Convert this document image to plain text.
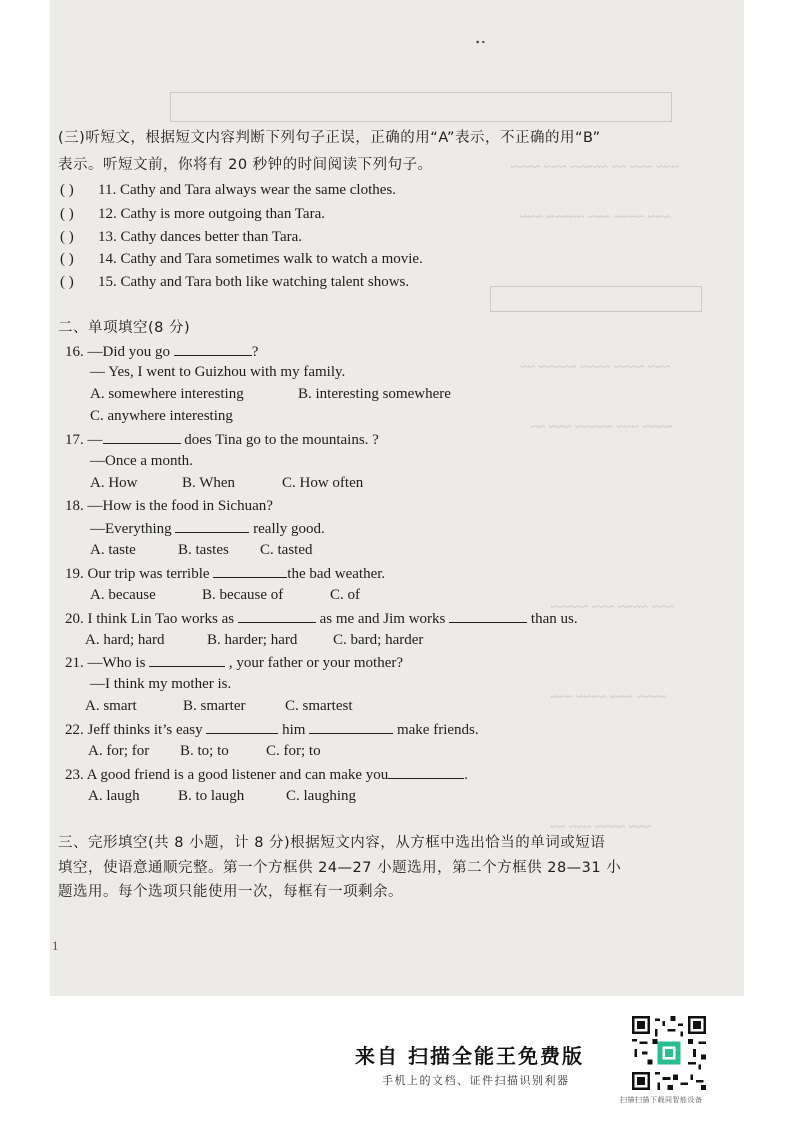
~~~ ~~~ ~~ ~~~~~ ~~~ ~~~~
~~~ ~~~~ ~~~ ~~~~~ ~~~
~~~ ~~~~ ~~~~ ~~~~~ ~~
~~~~ ~~~ ~~~~~ ~~~ ~~
~~~ ~~~~ ~~~ ~~~~~
~~~~ ~~~ ~~~~ ~~~
~~~ ~~~~ ~~~ ~~
⸱ᐧ
(三)听短文，根据短文内容判断下列句子正误，正确的用“A”表示，不正确的用“B”
表示。听短文前，你将有 20 秒钟的时间阅读下列句子。
( ) 11. Cathy and Tara always wear the same clothes.
( ) 12. Cathy is more outgoing than Tara.
( ) 13. Cathy dances better than Tara.
( ) 14. Cathy and Tara sometimes walk to watch a movie.
( ) 15. Cathy and Tara both like watching talent shows.
二、单项填空(8 分)
16. —Did you go	?
— Yes, I went to Guizhou with my family.
A. somewhere interesting	B. interesting somewhere
C. anywhere interesting
17. —	does Tina go to the mountains. ?
—Once a month.
A. How	B. When	C. How often
18. —How is the food in Sichuan?
—Everything	really good.
A. taste	B. tastes C. tasted
19. Our trip was terrible	the bad weather.
A. because	B. because of	C. of
20. I think Lin Tao works as	as me and Jim works	than us.
A. hard; hard	B. harder; hard C. bard; harder
21. —Who is	, your father or your mother?
—I think my mother is.
A. smart	B. smarter	C. smartest
22. Jeff thinks it’s easy	him	make friends.
A. for; for B. to; to C. for; to
23. A good friend is a good listener and can make you	.
A. laugh	B. to laugh	C. laughing
三、完形填空(共 8 小题，计 8 分)根据短文内容，从方框中选出恰当的单词或短语
填空，使语意通顺完整。第一个方框供 24—27 小题选用，第二个方框供 28—31 小
题选用。每个选项只能使用一次，每框有一项剩余。
1
来自 扫描全能王免费版
手机上的文档、证件扫描识别利器
扫描扫描下载同智能设备
